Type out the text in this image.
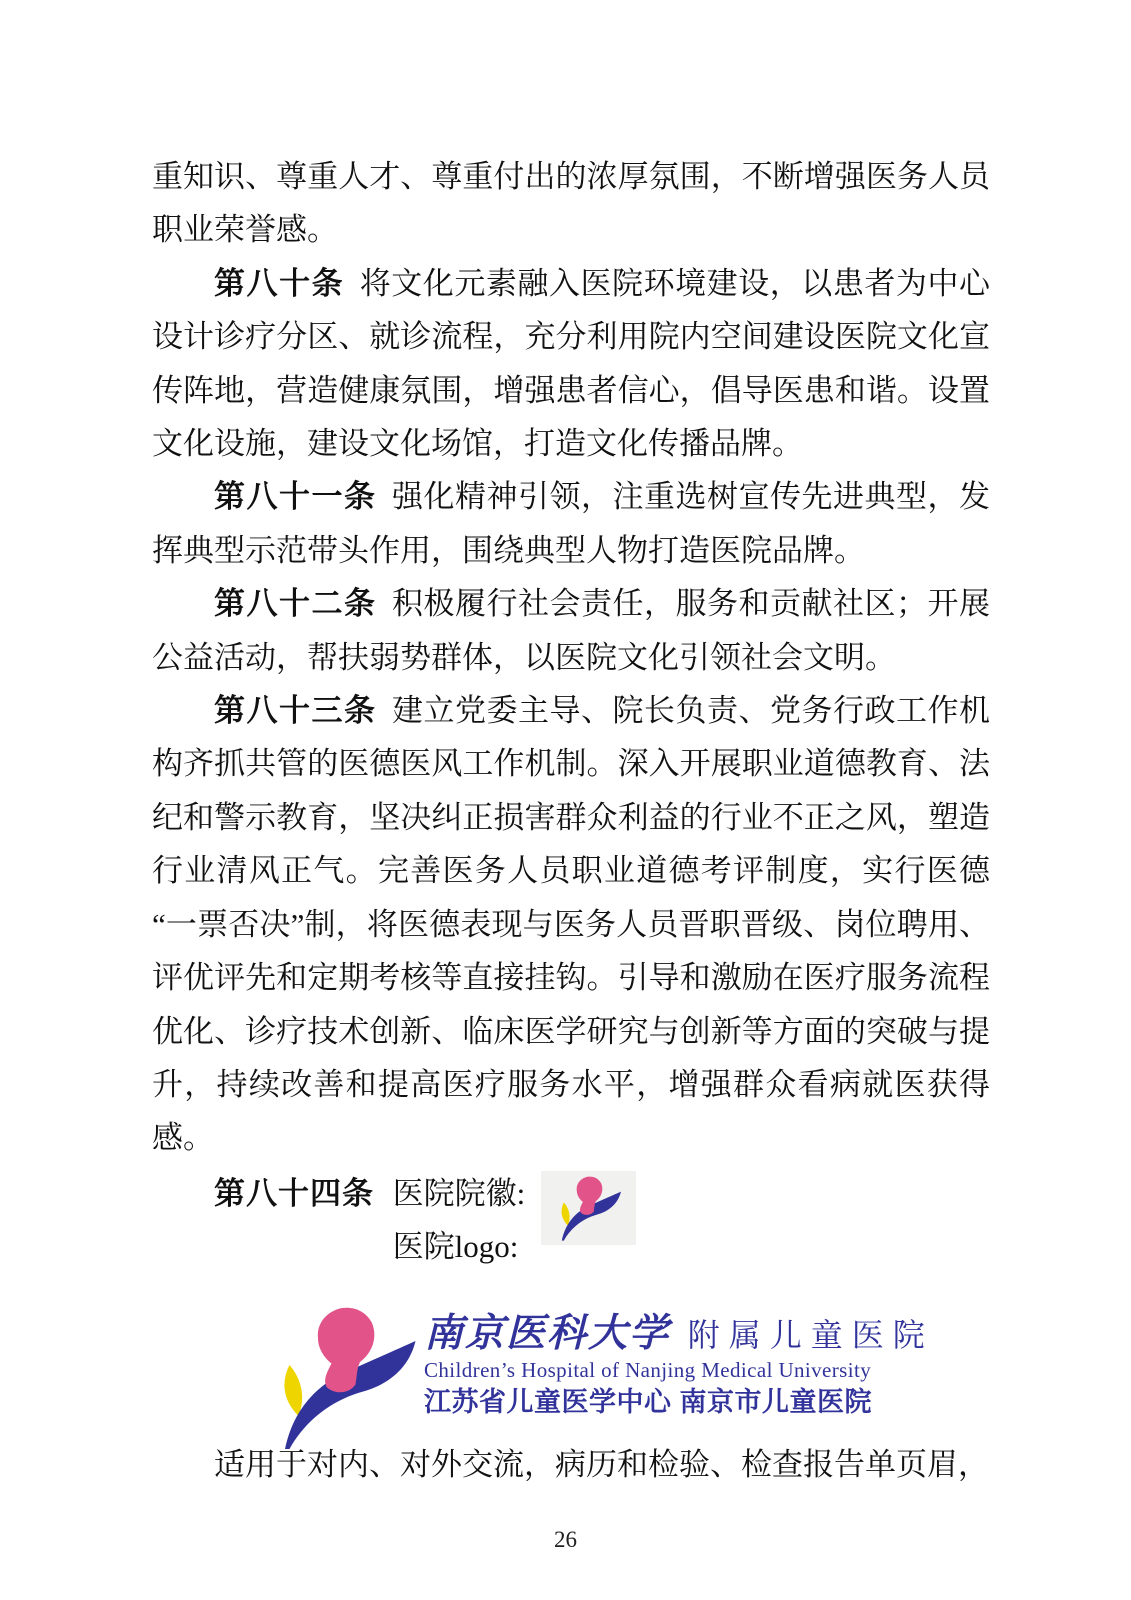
重知识、尊重人才、尊重付出的浓厚氛围，不断增强医务人员职业荣誉感。

第八十条 将文化元素融入医院环境建设，以患者为中心设计诊疗分区、就诊流程，充分利用院内空间建设医院文化宣传阵地，营造健康氛围，增强患者信心，倡导医患和谐。设置文化设施，建设文化场馆，打造文化传播品牌。

第八十一条 强化精神引领，注重选树宣传先进典型，发挥典型示范带头作用，围绕典型人物打造医院品牌。

第八十二条 积极履行社会责任，服务和贡献社区；开展公益活动，帮扶弱势群体，以医院文化引领社会文明。

第八十三条 建立党委主导、院长负责、党务行政工作机构齐抓共管的医德医风工作机制。深入开展职业道德教育、法纪和警示教育，坚决纠正损害群众利益的行业不正之风，塑造行业清风正气。完善医务人员职业道德考评制度，实行医德“一票否决”制，将医德表现与医务人员晋职晋级、岗位聘用、评优评先和定期考核等直接挂钩。引导和激励在医疗服务流程优化、诊疗技术创新、临床医学研究与创新等方面的突破与提升，持续改善和提高医疗服务水平，增强群众看病就医获得感。

第八十四条 医院院徽:
医院logo:
南京医科大学 附属儿童医院
Children’s Hospital of Nanjing Medical University
江苏省儿童医学中心 南京市儿童医院

适用于对内、对外交流，病历和检验、检查报告单页眉，

26
